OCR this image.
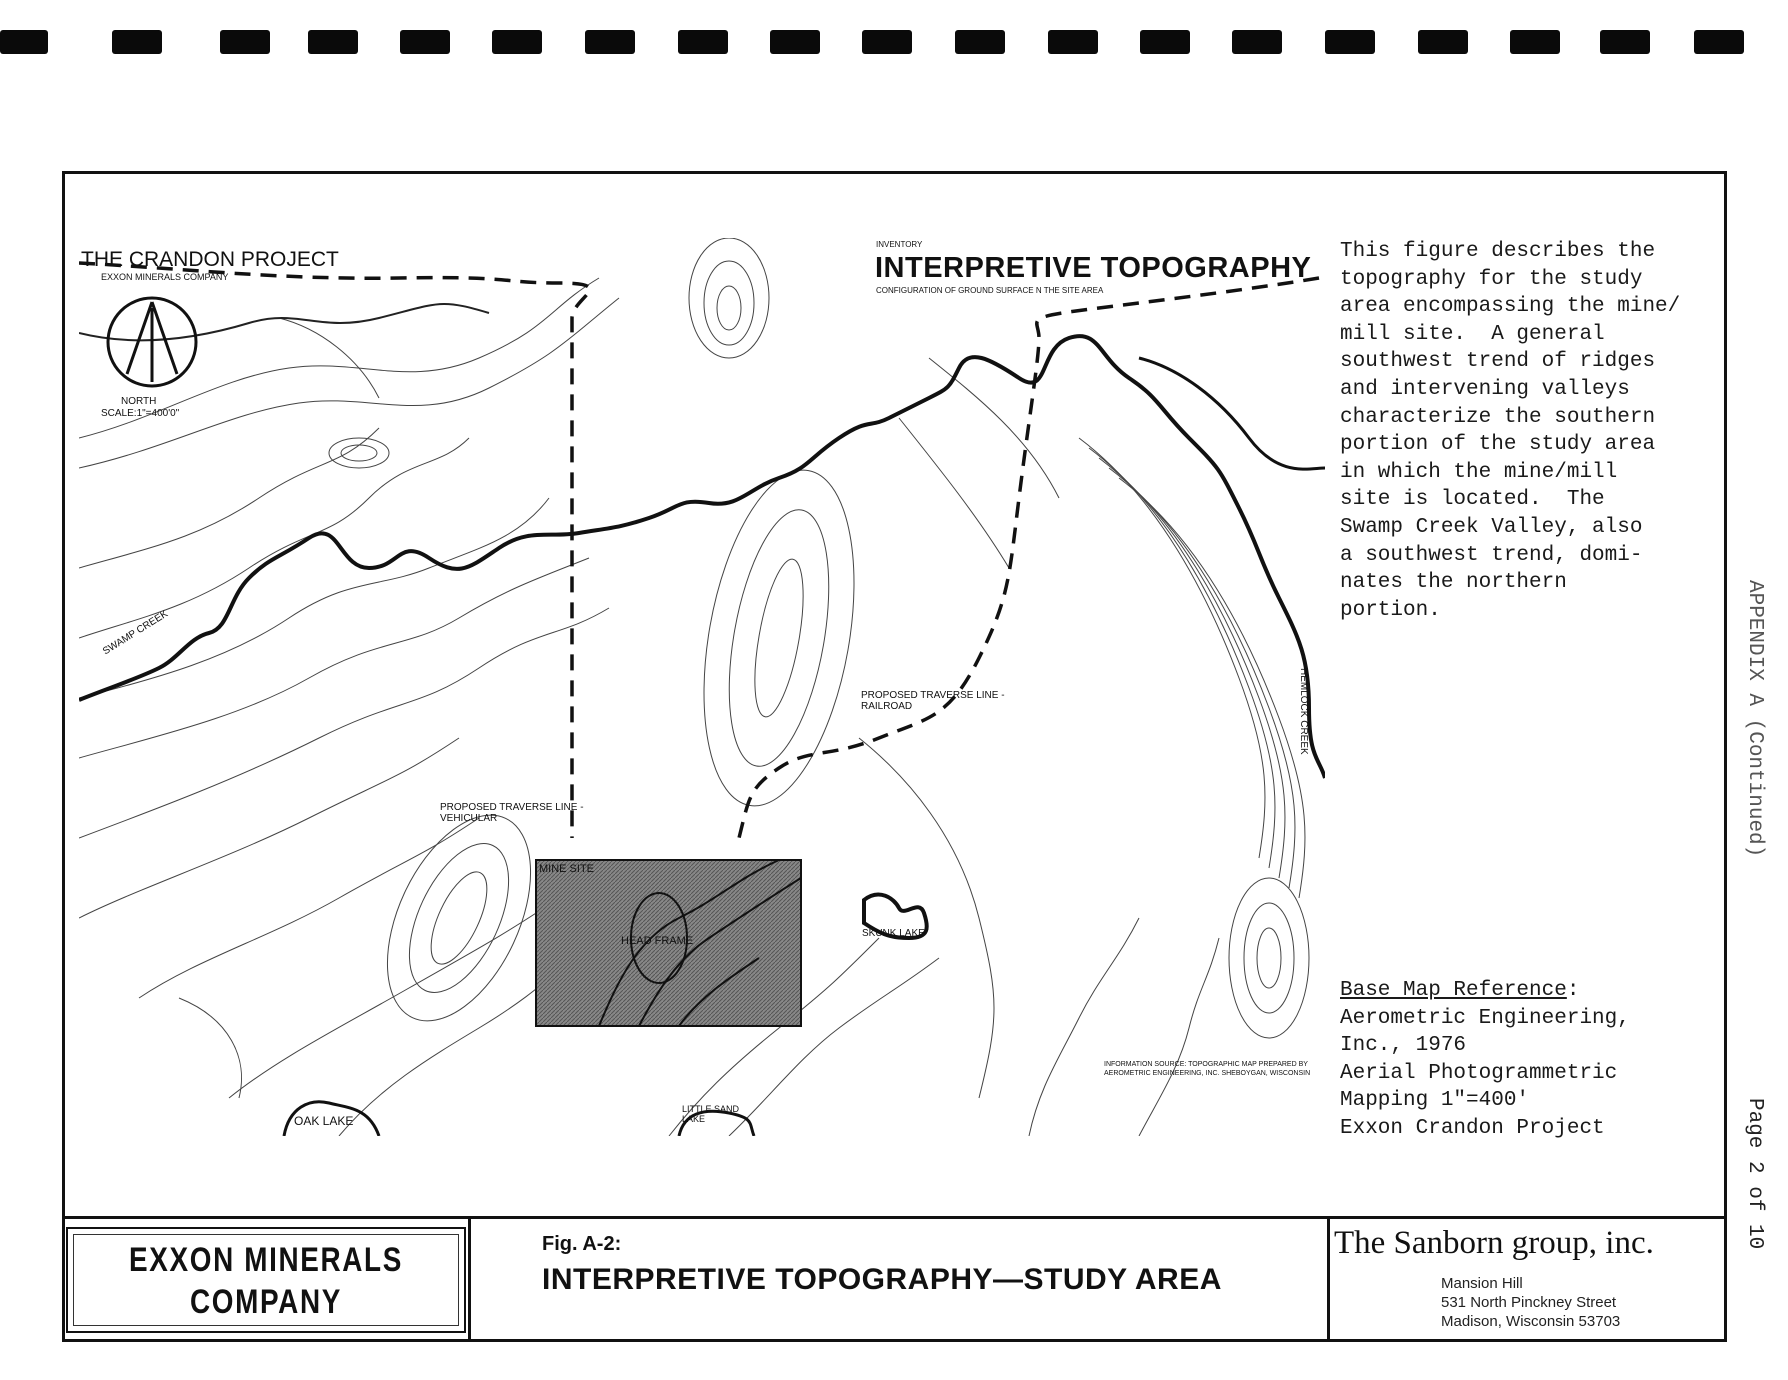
THE CRANDON PROJECT
EXXON MINERALS COMPANY
NORTH
SCALE:1"=400'0"
INVENTORY
INTERPRETIVE TOPOGRAPHY
CONFIGURATION OF GROUND SURFACE N THE SITE AREA
SWAMP CREEK
HEMLOCK CREEK
PROPOSED TRAVERSE LINE - RAILROAD
PROPOSED TRAVERSE LINE - VEHICULAR
MINE SITE
HEAD FRAME
SKUNK LAKE
OAK LAKE
LITTLE SAND LAKE
INFORMATION SOURCE: TOPOGRAPHIC MAP PREPARED BY AEROMETRIC ENGINEERING, INC. SHEBOYGAN, WISCONSIN
This figure describes the
topography for the study
area encompassing the mine/
mill site.  A general
southwest trend of ridges
and intervening valleys
characterize the southern
portion of the study area
in which the mine/mill
site is located.  The
Swamp Creek Valley, also
a southwest trend, domi-
nates the northern
portion.
Base Map Reference:
Aerometric Engineering,
Inc., 1976
Aerial Photogrammetric
Mapping 1"=400'
Exxon Crandon Project
APPENDIX A (Continued)
Page 2 of 10
EXXON MINERALS
COMPANY
Fig. A-2:
INTERPRETIVE TOPOGRAPHY—STUDY AREA
The Sanborn group, inc.
Mansion Hill
531 North Pinckney Street
Madison, Wisconsin 53703
